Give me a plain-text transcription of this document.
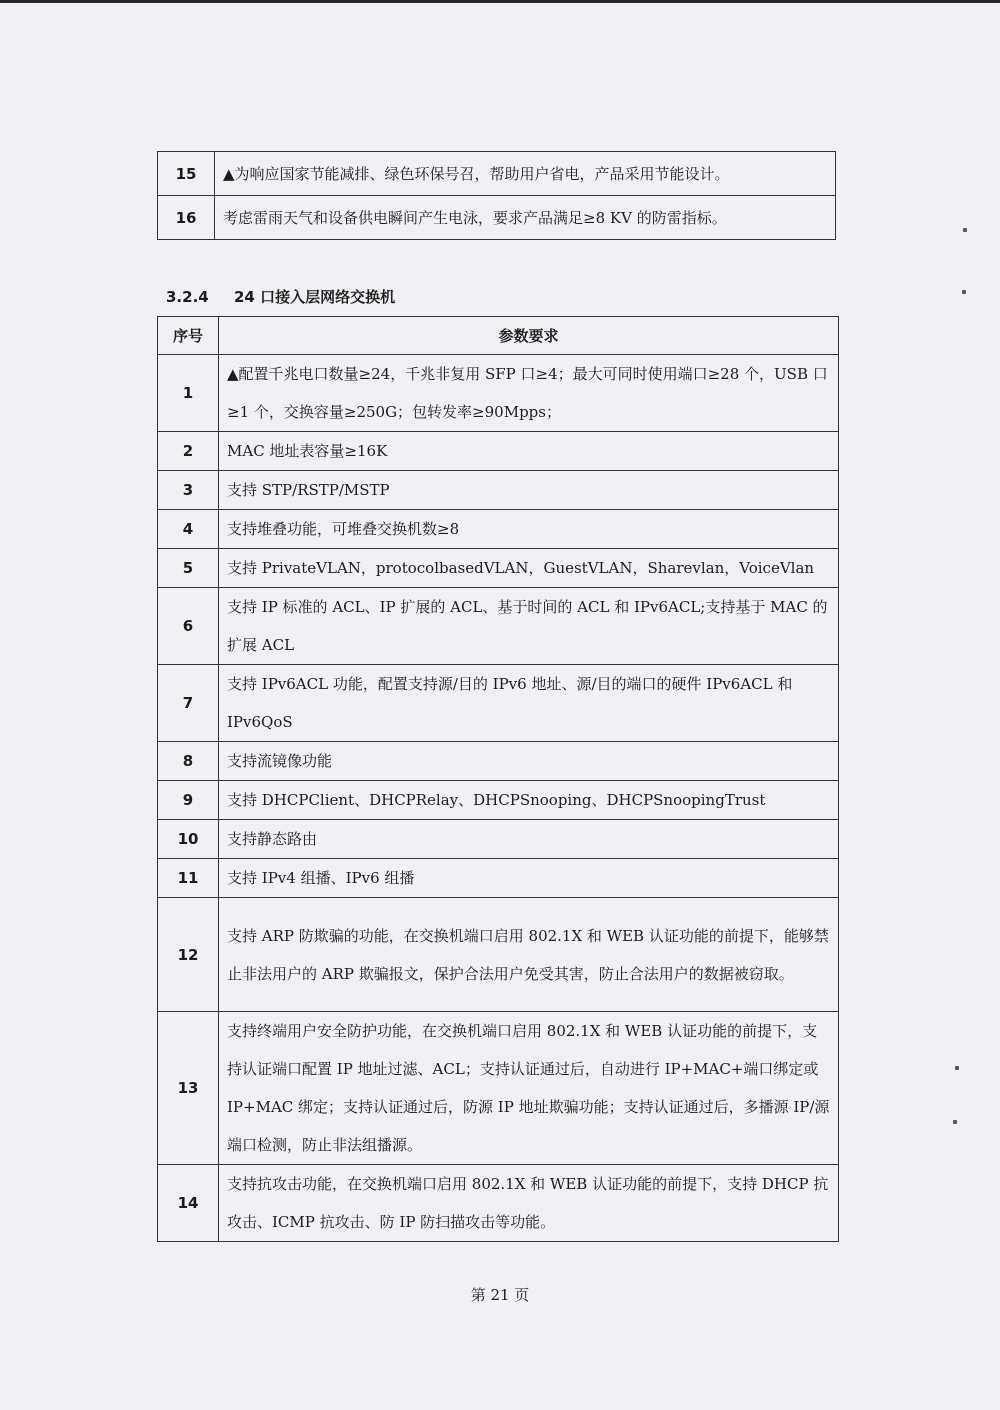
15	▲为响应国家节能减排、绿色环保号召，帮助用户省电，产品采用节能设计。
16	考虑雷雨天气和设备供电瞬间产生电泳，要求产品满足≥8 KV 的防雷指标。
3.2.4 24 口接入层网络交换机
序号	参数要求
1	▲配置千兆电口数量≥24，千兆非复用 SFP 口≥4；最大可同时使用端口≥28 个，USB 口≥1 个，交换容量≥250G；包转发率≥90Mpps；
2	MAC 地址表容量≥16K
3	支持 STP/RSTP/MSTP
4	支持堆叠功能，可堆叠交换机数≥8
5	支持 PrivateVLAN，protocolbasedVLAN，GuestVLAN，Sharevlan，VoiceVlan
6	支持 IP 标准的 ACL、IP 扩展的 ACL、基于时间的 ACL 和 IPv6ACL;支持基于 MAC 的扩展 ACL
7	支持 IPv6ACL 功能，配置支持源/目的 IPv6 地址、源/目的端口的硬件 IPv6ACL 和 IPv6QoS
8	支持流镜像功能
9	支持 DHCPClient、DHCPRelay、DHCPSnooping、DHCPSnoopingTrust
10	支持静态路由
11	支持 IPv4 组播、IPv6 组播
12	支持 ARP 防欺骗的功能，在交换机端口启用 802.1X 和 WEB 认证功能的前提下，能够禁止非法用户的 ARP 欺骗报文，保护合法用户免受其害，防止合法用户的数据被窃取。
13	支持终端用户安全防护功能，在交换机端口启用 802.1X 和 WEB 认证功能的前提下，支持认证端口配置 IP 地址过滤、ACL；支持认证通过后，自动进行 IP+MAC+端口绑定或 IP+MAC 绑定；支持认证通过后，防源 IP 地址欺骗功能；支持认证通过后，多播源 IP/源端口检测，防止非法组播源。
14	支持抗攻击功能，在交换机端口启用 802.1X 和 WEB 认证功能的前提下，支持 DHCP 抗攻击、ICMP 抗攻击、防 IP 防扫描攻击等功能。
第 21 页
